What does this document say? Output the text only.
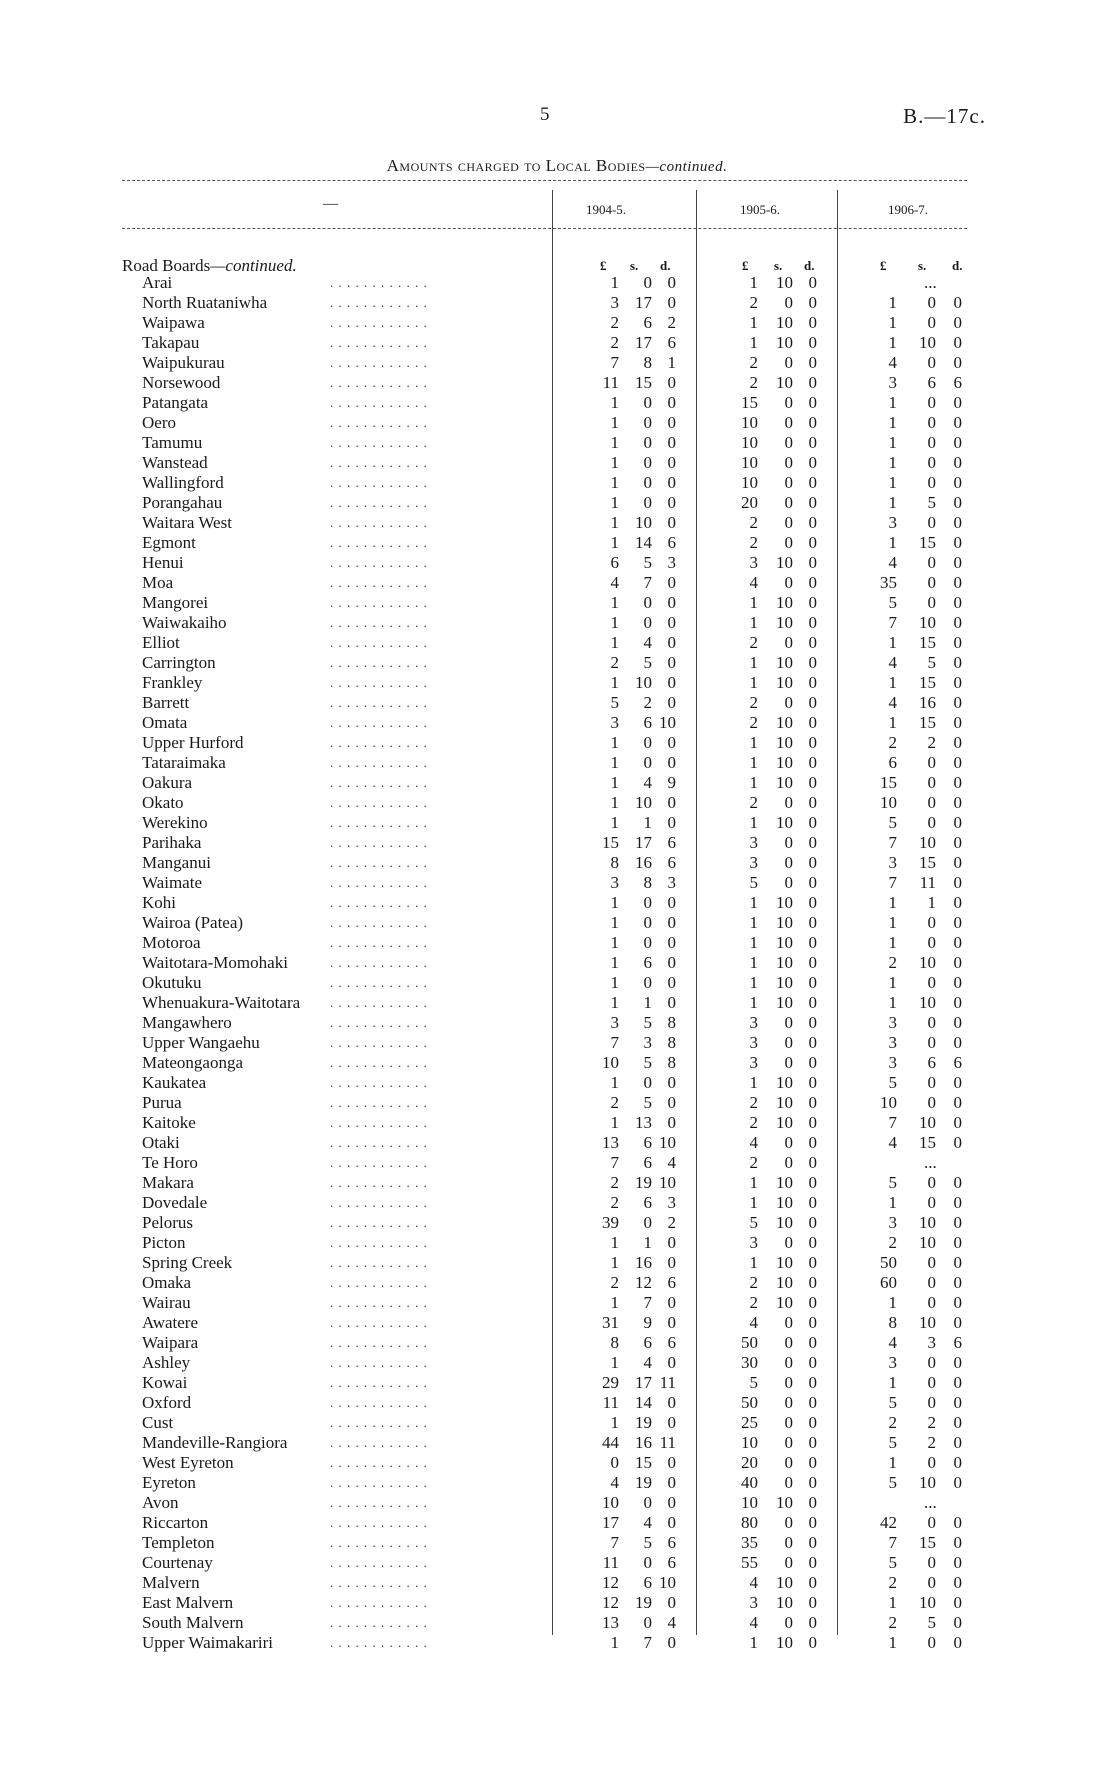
5	B.—17c.
Amounts charged to Local Bodies—continued.
—	1904-5.	1905-6.	1906-7.
Road Boards—continued.	£ s. d.	£ s. d.	£ s. d.
Arai	. . . . . . . . . . . .	1 0 0	1 10 0	...
North Ruataniwha	. . . . . . . . . . . .	3 17 0	2 0 0	1 0 0
Waipawa	. . . . . . . . . . . .	2 6 2	1 10 0	1 0 0
Takapau	. . . . . . . . . . . .	2 17 6	1 10 0	1 10 0
Waipukurau	. . . . . . . . . . . .	7 8 1	2 0 0	4 0 0
Norsewood	. . . . . . . . . . . .	11 15 0	2 10 0	3 6 6
Patangata	. . . . . . . . . . . .	1 0 0	15 0 0	1 0 0
Oero	. . . . . . . . . . . .	1 0 0	10 0 0	1 0 0
Tamumu	. . . . . . . . . . . .	1 0 0	10 0 0	1 0 0
Wanstead	. . . . . . . . . . . .	1 0 0	10 0 0	1 0 0
Wallingford	. . . . . . . . . . . .	1 0 0	10 0 0	1 0 0
Porangahau	. . . . . . . . . . . .	1 0 0	20 0 0	1 5 0
Waitara West	. . . . . . . . . . . .	1 10 0	2 0 0	3 0 0
Egmont	. . . . . . . . . . . .	1 14 6	2 0 0	1 15 0
Henui	. . . . . . . . . . . .	6 5 3	3 10 0	4 0 0
Moa	. . . . . . . . . . . .	4 7 0	4 0 0	35 0 0
Mangorei	. . . . . . . . . . . .	1 0 0	1 10 0	5 0 0
Waiwakaiho	. . . . . . . . . . . .	1 0 0	1 10 0	7 10 0
Elliot	. . . . . . . . . . . .	1 4 0	2 0 0	1 15 0
Carrington	. . . . . . . . . . . .	2 5 0	1 10 0	4 5 0
Frankley	. . . . . . . . . . . .	1 10 0	1 10 0	1 15 0
Barrett	. . . . . . . . . . . .	5 2 0	2 0 0	4 16 0
Omata	. . . . . . . . . . . .	3 6 10	2 10 0	1 15 0
Upper Hurford	. . . . . . . . . . . .	1 0 0	1 10 0	2 2 0
Tataraimaka	. . . . . . . . . . . .	1 0 0	1 10 0	6 0 0
Oakura	. . . . . . . . . . . .	1 4 9	1 10 0	15 0 0
Okato	. . . . . . . . . . . .	1 10 0	2 0 0	10 0 0
Werekino	. . . . . . . . . . . .	1 1 0	1 10 0	5 0 0
Parihaka	. . . . . . . . . . . .	15 17 6	3 0 0	7 10 0
Manganui	. . . . . . . . . . . .	8 16 6	3 0 0	3 15 0
Waimate	. . . . . . . . . . . .	3 8 3	5 0 0	7 11 0
Kohi	. . . . . . . . . . . .	1 0 0	1 10 0	1 1 0
Wairoa (Patea)	. . . . . . . . . . . .	1 0 0	1 10 0	1 0 0
Motoroa	. . . . . . . . . . . .	1 0 0	1 10 0	1 0 0
Waitotara-Momohaki	. . . . . . . . . . . .	1 6 0	1 10 0	2 10 0
Okutuku	. . . . . . . . . . . .	1 0 0	1 10 0	1 0 0
Whenuakura-Waitotara . . . . . . . . . . . .	1 1 0	1 10 0	1 10 0
Mangawhero	. . . . . . . . . . . .	3 5 8	3 0 0	3 0 0
Upper Wangaehu	. . . . . . . . . . . .	7 3 8	3 0 0	3 0 0
Mateongaonga	. . . . . . . . . . . .	10 5 8	3 0 0	3 6 6
Kaukatea	. . . . . . . . . . . .	1 0 0	1 10 0	5 0 0
Purua	. . . . . . . . . . . .	2 5 0	2 10 0	10 0 0
Kaitoke	. . . . . . . . . . . .	1 13 0	2 10 0	7 10 0
Otaki	. . . . . . . . . . . .	13 6 10	4 0 0	4 15 0
Te Horo	. . . . . . . . . . . .	7 6 4	2 0 0	...
Makara	. . . . . . . . . . . .	2 19 10	1 10 0	5 0 0
Dovedale	. . . . . . . . . . . .	2 6 3	1 10 0	1 0 0
Pelorus	. . . . . . . . . . . .	39 0 2	5 10 0	3 10 0
Picton	. . . . . . . . . . . .	1 1 0	3 0 0	2 10 0
Spring Creek	. . . . . . . . . . . .	1 16 0	1 10 0	50 0 0
Omaka	. . . . . . . . . . . .	2 12 6	2 10 0	60 0 0
Wairau	. . . . . . . . . . . .	1 7 0	2 10 0	1 0 0
Awatere	. . . . . . . . . . . .	31 9 0	4 0 0	8 10 0
Waipara	. . . . . . . . . . . .	8 6 6	50 0 0	4 3 6
Ashley	. . . . . . . . . . . .	1 4 0	30 0 0	3 0 0
Kowai	. . . . . . . . . . . .	29 17 11	5 0 0	1 0 0
Oxford	. . . . . . . . . . . .	11 14 0	50 0 0	5 0 0
Cust	. . . . . . . . . . . .	1 19 0	25 0 0	2 2 0
Mandeville-Rangiora	. . . . . . . . . . . .	44 16 11	10 0 0	5 2 0
West Eyreton	. . . . . . . . . . . .	0 15 0	20 0 0	1 0 0
Eyreton	. . . . . . . . . . . .	4 19 0	40 0 0	5 10 0
Avon	. . . . . . . . . . . .	10 0 0	10 10 0	...
Riccarton	. . . . . . . . . . . .	17 4 0	80 0 0	42 0 0
Templeton	. . . . . . . . . . . .	7 5 6	35 0 0	7 15 0
Courtenay	. . . . . . . . . . . .	11 0 6	55 0 0	5 0 0
Malvern	. . . . . . . . . . . .	12 6 10	4 10 0	2 0 0
East Malvern	. . . . . . . . . . . .	12 19 0	3 10 0	1 10 0
South Malvern	. . . . . . . . . . . .	13 0 4	4 0 0	2 5 0
Upper Waimakariri	. . . . . . . . . . . .	1 7 0	1 10 0	1 0 0
